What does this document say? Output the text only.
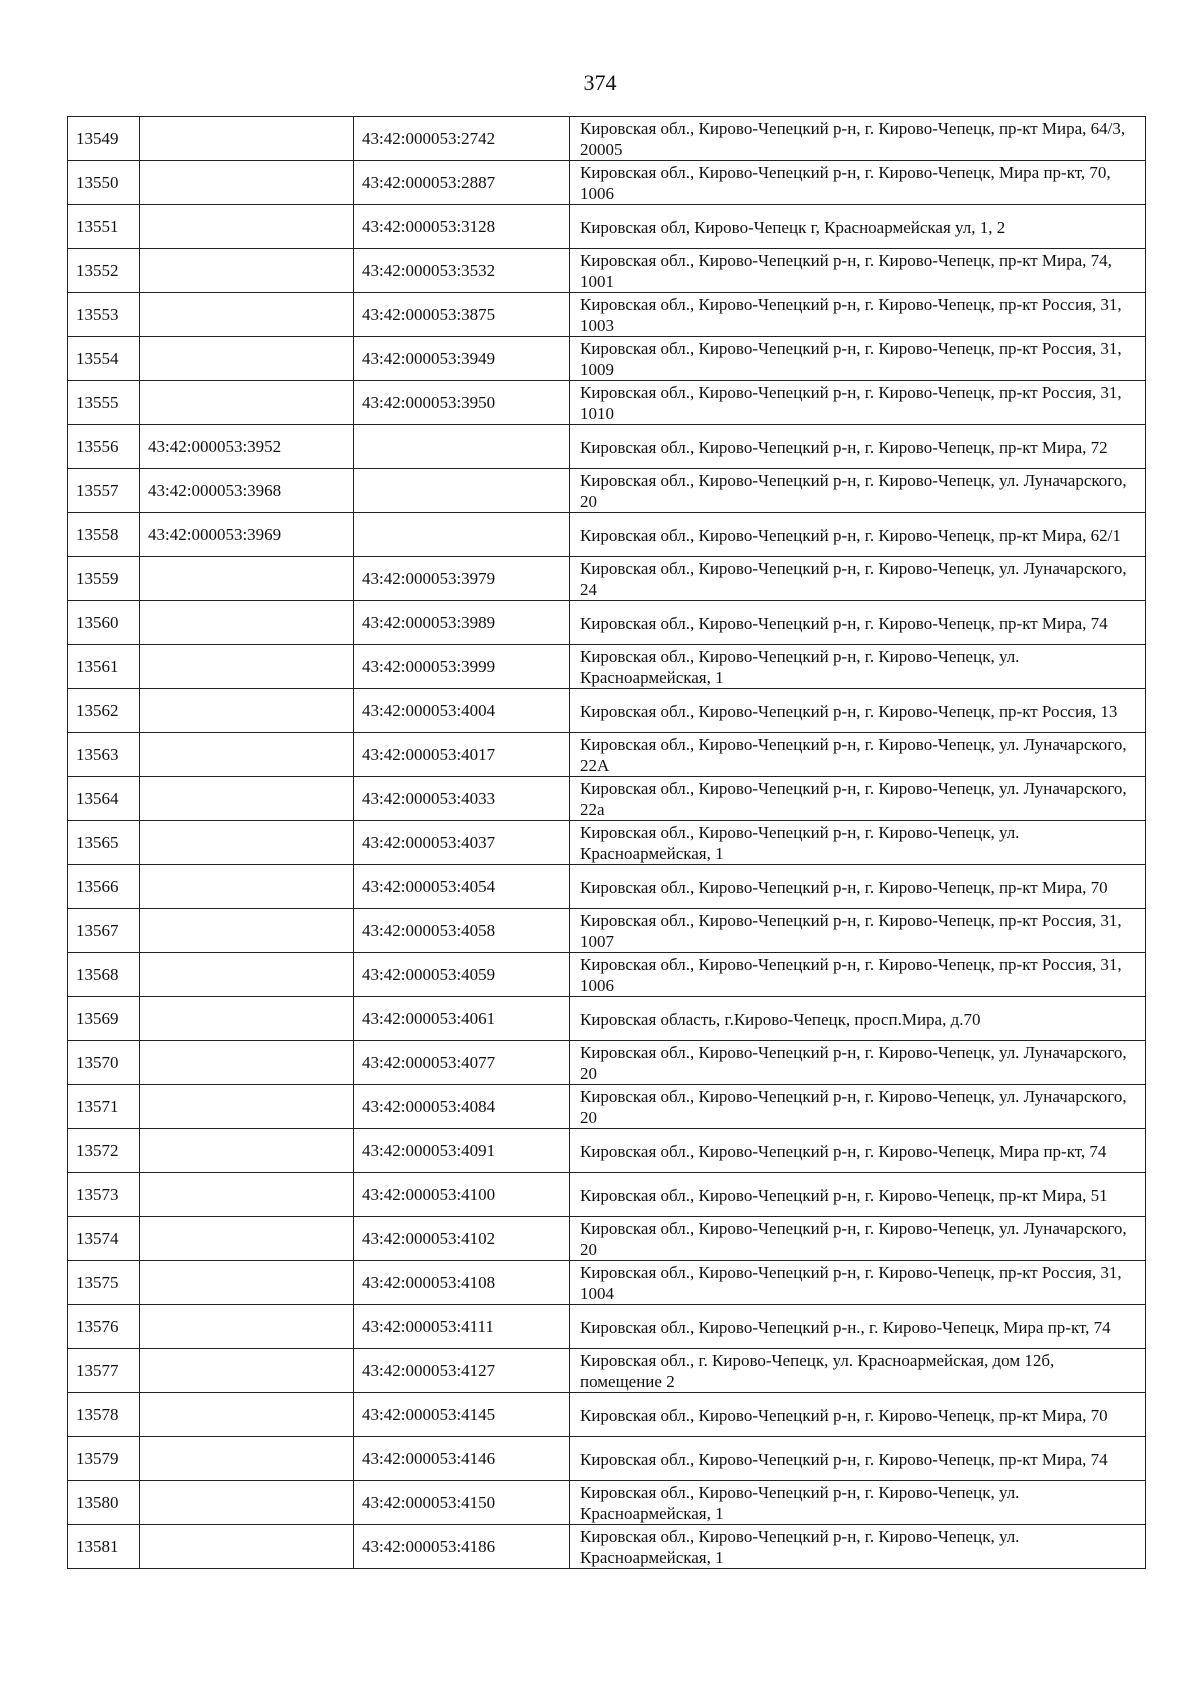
374
13549		43:42:000053:2742	Кировская обл., Кирово-Чепецкий р-н, г. Кирово-Чепецк, пр-кт Мира, 64/3, 20005
13550		43:42:000053:2887	Кировская обл., Кирово-Чепецкий р-н, г. Кирово-Чепецк, Мира пр-кт, 70, 1006
13551		43:42:000053:3128	Кировская обл, Кирово-Чепецк г, Красноармейская ул, 1, 2
13552		43:42:000053:3532	Кировская обл., Кирово-Чепецкий р-н, г. Кирово-Чепецк, пр-кт Мира, 74, 1001
13553		43:42:000053:3875	Кировская обл., Кирово-Чепецкий р-н, г. Кирово-Чепецк, пр-кт Россия, 31, 1003
13554		43:42:000053:3949	Кировская обл., Кирово-Чепецкий р-н, г. Кирово-Чепецк, пр-кт Россия, 31, 1009
13555		43:42:000053:3950	Кировская обл., Кирово-Чепецкий р-н, г. Кирово-Чепецк, пр-кт Россия, 31, 1010
13556	43:42:000053:3952		Кировская обл., Кирово-Чепецкий р-н, г. Кирово-Чепецк, пр-кт Мира, 72
13557	43:42:000053:3968		Кировская обл., Кирово-Чепецкий р-н, г. Кирово-Чепецк, ул. Луначарского, 20
13558	43:42:000053:3969		Кировская обл., Кирово-Чепецкий р-н, г. Кирово-Чепецк, пр-кт Мира, 62/1
13559		43:42:000053:3979	Кировская обл., Кирово-Чепецкий р-н, г. Кирово-Чепецк, ул. Луначарского, 24
13560		43:42:000053:3989	Кировская обл., Кирово-Чепецкий р-н, г. Кирово-Чепецк, пр-кт Мира, 74
13561		43:42:000053:3999	Кировская обл., Кирово-Чепецкий р-н, г. Кирово-Чепецк, ул. Красноармейская, 1
13562		43:42:000053:4004	Кировская обл., Кирово-Чепецкий р-н, г. Кирово-Чепецк, пр-кт Россия, 13
13563		43:42:000053:4017	Кировская обл., Кирово-Чепецкий р-н, г. Кирово-Чепецк, ул. Луначарского, 22А
13564		43:42:000053:4033	Кировская обл., Кирово-Чепецкий р-н, г. Кирово-Чепецк, ул. Луначарского, 22а
13565		43:42:000053:4037	Кировская обл., Кирово-Чепецкий р-н, г. Кирово-Чепецк, ул. Красноармейская, 1
13566		43:42:000053:4054	Кировская обл., Кирово-Чепецкий р-н, г. Кирово-Чепецк, пр-кт Мира, 70
13567		43:42:000053:4058	Кировская обл., Кирово-Чепецкий р-н, г. Кирово-Чепецк, пр-кт Россия, 31, 1007
13568		43:42:000053:4059	Кировская обл., Кирово-Чепецкий р-н, г. Кирово-Чепецк, пр-кт Россия, 31, 1006
13569		43:42:000053:4061	Кировская область, г.Кирово-Чепецк, просп.Мира, д.70
13570		43:42:000053:4077	Кировская обл., Кирово-Чепецкий р-н, г. Кирово-Чепецк, ул. Луначарского, 20
13571		43:42:000053:4084	Кировская обл., Кирово-Чепецкий р-н, г. Кирово-Чепецк, ул. Луначарского, 20
13572		43:42:000053:4091	Кировская обл., Кирово-Чепецкий р-н, г. Кирово-Чепецк, Мира пр-кт, 74
13573		43:42:000053:4100	Кировская обл., Кирово-Чепецкий р-н, г. Кирово-Чепецк, пр-кт Мира, 51
13574		43:42:000053:4102	Кировская обл., Кирово-Чепецкий р-н, г. Кирово-Чепецк, ул. Луначарского, 20
13575		43:42:000053:4108	Кировская обл., Кирово-Чепецкий р-н, г. Кирово-Чепецк, пр-кт Россия, 31, 1004
13576		43:42:000053:4111	Кировская обл., Кирово-Чепецкий р-н., г. Кирово-Чепецк, Мира пр-кт, 74
13577		43:42:000053:4127	Кировская обл., г. Кирово-Чепецк, ул. Красноармейская, дом 12б, помещение 2
13578		43:42:000053:4145	Кировская обл., Кирово-Чепецкий р-н, г. Кирово-Чепецк, пр-кт Мира, 70
13579		43:42:000053:4146	Кировская обл., Кирово-Чепецкий р-н, г. Кирово-Чепецк, пр-кт Мира, 74
13580		43:42:000053:4150	Кировская обл., Кирово-Чепецкий р-н, г. Кирово-Чепецк, ул. Красноармейская, 1
13581		43:42:000053:4186	Кировская обл., Кирово-Чепецкий р-н, г. Кирово-Чепецк, ул. Красноармейская, 1
